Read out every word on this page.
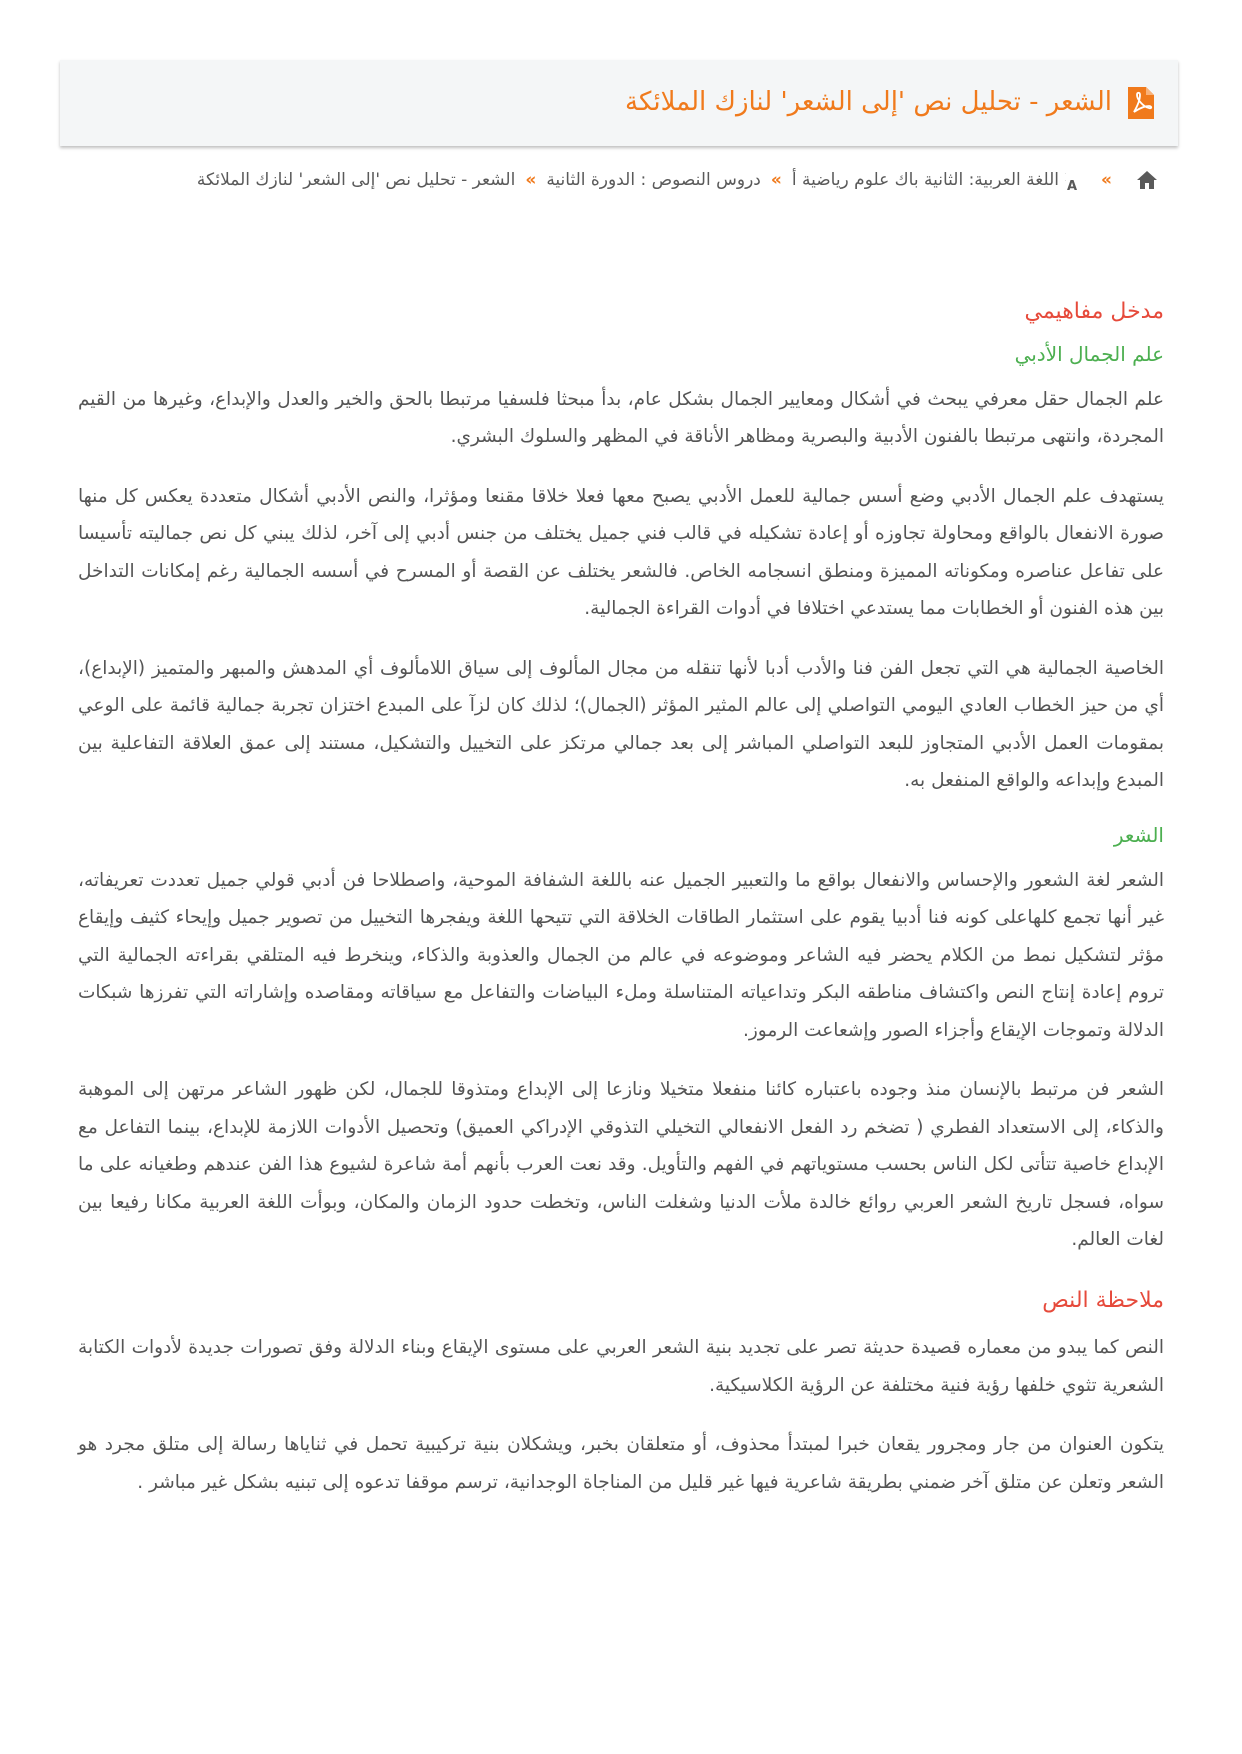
الشعر - تحليل نص 'إلى الشعر' لنازك الملائكة
»
A
اللغة العربية: الثانية باك علوم رياضية أ
»
دروس النصوص : الدورة الثانية
»
الشعر - تحليل نص 'إلى الشعر' لنازك الملائكة
مدخل مفاهيمي
علم الجمال الأدبي

علم الجمال حقل معرفي يبحث في أشكال ومعايير الجمال بشكل عام، بدأ مبحثا فلسفيا مرتبطا بالحق والخير والعدل والإبداع، وغيرها من القيم المجردة، وانتهى مرتبطا بالفنون الأدبية والبصرية ومظاهر الأناقة في المظهر والسلوك البشري.

يستهدف علم الجمال الأدبي وضع أسس جمالية للعمل الأدبي يصبح معها فعلا خلاقا مقنعا ومؤثرا، والنص الأدبي أشكال متعددة يعكس كل منها صورة الانفعال بالواقع ومحاولة تجاوزه أو إعادة تشكيله في قالب فني جميل يختلف من جنس أدبي إلى آخر، لذلك يبني كل نص جماليته تأسيسا على تفاعل عناصره ومكوناته المميزة ومنطق انسجامه الخاص. فالشعر يختلف عن القصة أو المسرح في أسسه الجمالية رغم إمكانات التداخل بين هذه الفنون أو الخطابات مما يستدعي اختلافا في أدوات القراءة الجمالية.

الخاصية الجمالية هي التي تجعل الفن فنا والأدب أدبا لأنها تنقله من مجال المألوف إلى سياق اللامألوف أي المدهش والمبهر والمتميز (الإبداع)، أي من حيز الخطاب العادي اليومي التواصلي إلى عالم المثير المؤثر (الجمال)؛ لذلك كان لزآ على المبدع اختزان تجربة جمالية قائمة على الوعي بمقومات العمل الأدبي المتجاوز للبعد التواصلي المباشر إلى بعد جمالي مرتكز على التخييل والتشكيل، مستند إلى عمق العلاقة التفاعلية بين المبدع وإبداعه والواقع المنفعل به.

الشعر

الشعر لغة الشعور والإحساس والانفعال بواقع ما والتعبير الجميل عنه باللغة الشفافة الموحية، واصطلاحا فن أدبي قولي جميل تعددت تعريفاته، غير أنها تجمع كلهاعلى كونه فنا أدبيا يقوم على استثمار الطاقات الخلاقة التي تتيحها اللغة ويفجرها التخييل من تصوير جميل وإيحاء كثيف وإيقاع مؤثر لتشكيل نمط من الكلام يحضر فيه الشاعر وموضوعه في عالم من الجمال والعذوبة والذكاء، وينخرط فيه المتلقي بقراءته الجمالية التي تروم إعادة إنتاج النص واكتشاف مناطقه البكر وتداعياته المتناسلة وملء البياضات والتفاعل مع سياقاته ومقاصده وإشاراته التي تفرزها شبكات الدلالة وتموجات الإيقاع وأجزاء الصور وإشعاعت الرموز.

الشعر فن مرتبط بالإنسان منذ وجوده باعتباره كائنا منفعلا متخيلا ونازعا إلى الإبداع ومتذوقا للجمال، لكن ظهور الشاعر مرتهن إلى الموهبة والذكاء، إلى الاستعداد الفطري ( تضخم رد الفعل الانفعالي التخيلي التذوقي الإدراكي العميق) وتحصيل الأدوات اللازمة للإبداع، بينما التفاعل مع الإبداع خاصية تتأتى لكل الناس بحسب مستوياتهم في الفهم والتأويل. وقد نعت العرب بأنهم أمة شاعرة لشيوع هذا الفن عندهم وطغيانه على ما سواه، فسجل تاريخ الشعر العربي روائع خالدة ملأت الدنيا وشغلت الناس، وتخطت حدود الزمان والمكان، وبوأت اللغة العربية مكانا رفيعا بين لغات العالم.

ملاحظة النص

النص كما يبدو من معماره قصيدة حديثة تصر على تجديد بنية الشعر العربي على مستوى الإيقاع وبناء الدلالة وفق تصورات جديدة لأدوات الكتابة الشعرية تثوي خلفها رؤية فنية مختلفة عن الرؤية الكلاسيكية.

يتكون العنوان من جار ومجرور يقعان خبرا لمبتدأ محذوف، أو متعلقان بخبر، ويشكلان بنية تركيبية تحمل في ثناياها رسالة إلى متلق مجرد هو الشعر وتعلن عن متلق آخر ضمني بطريقة شاعرية فيها غير قليل من المناجاة الوجدانية، ترسم موقفا تدعوه إلى تبنيه بشكل غير مباشر .
